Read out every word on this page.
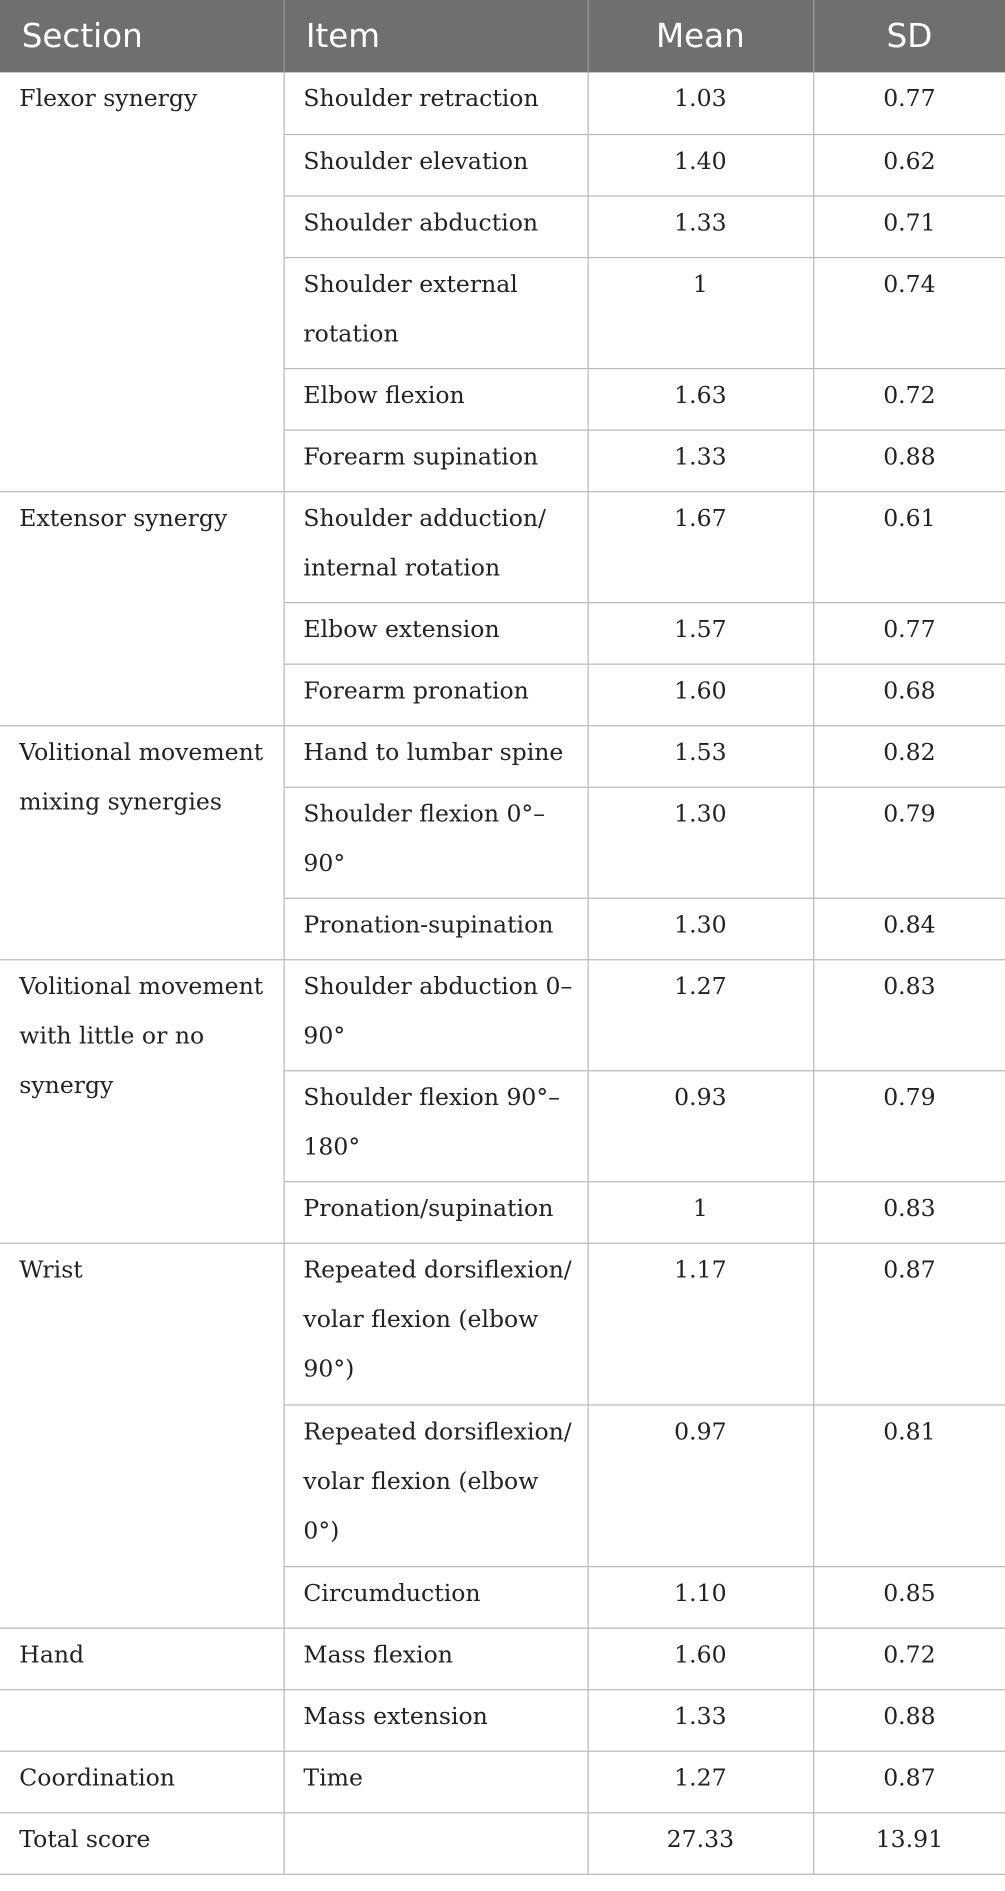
Section	Item	Mean	SD

Flexor synergy	Shoulder retraction	1.03	0.77

	Shoulder elevation	1.40	0.62

	Shoulder abduction	1.33	0.71

	Shoulder external rotation	1	0.74

	Elbow flexion	1.63	0.72

	Forearm supination	1.33	0.88

Extensor synergy	Shoulder adduction/ internal rotation	1.67	0.61

	Elbow extension	1.57	0.77

	Forearm pronation	1.60	0.68

Volitional movement mixing synergies	Hand to lumbar spine	1.53	0.82

	Shoulder flexion 0°–90°	1.30	0.79

	Pronation-supination	1.30	0.84

Volitional movement with little or no synergy	Shoulder abduction 0–90°	1.27	0.83

	Shoulder flexion 90°–180°	0.93	0.79

	Pronation/supination	1	0.83

Wrist	Repeated dorsiflexion/ volar flexion (elbow 90°)	1.17	0.87

	Repeated dorsiflexion/ volar flexion (elbow 0°)	0.97	0.81

	Circumduction	1.10	0.85

Hand	Mass flexion	1.60	0.72

	Mass extension	1.33	0.88

Coordination	Time	1.27	0.87

Total score		27.33	13.91
